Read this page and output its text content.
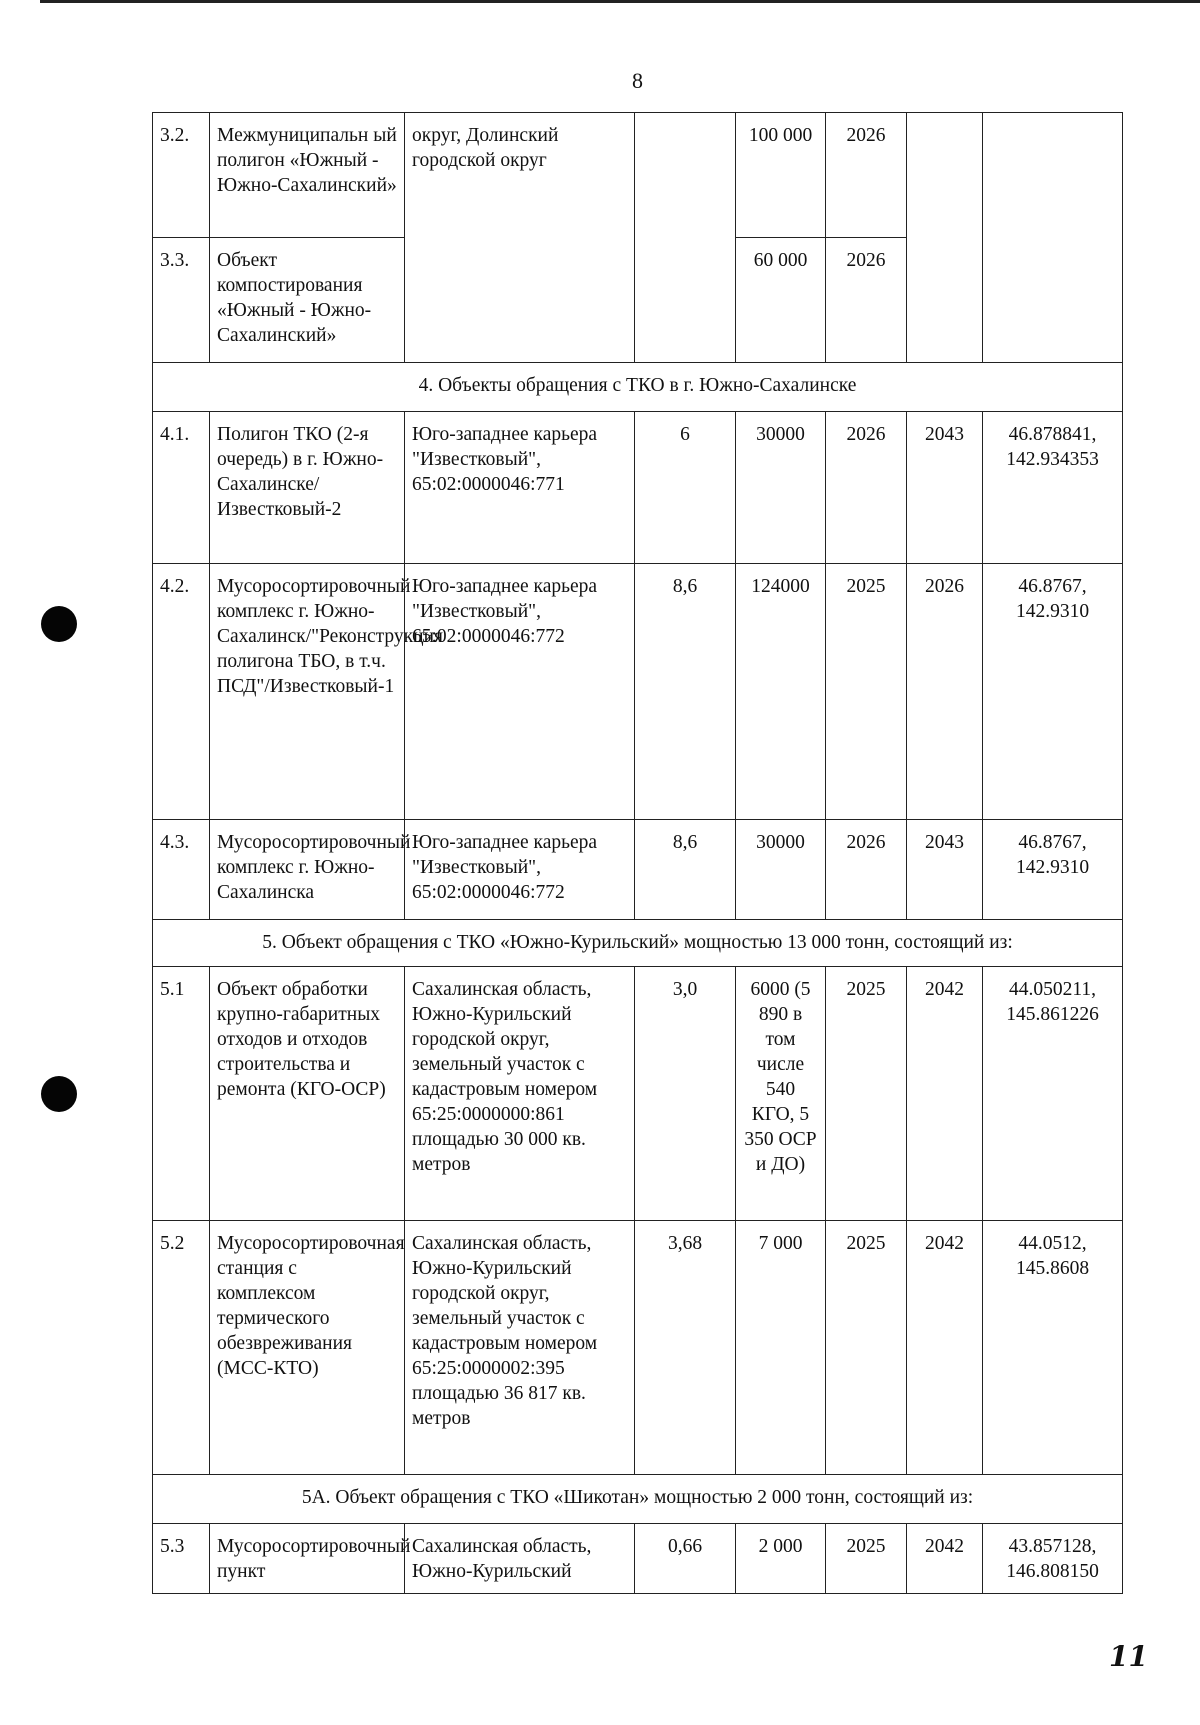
8
3.2.	Межмуниципальн ый полигон «Южный - Южно-Сахалинский»	округ, Долинский городской округ		100 000	2026		
3.3.	Объект компостирования «Южный - Южно-Сахалинский»			60 000	2026		
4. Объекты обращения с ТКО в г. Южно-Сахалинске							
4.1.	Полигон ТКО (2-я очередь) в г. Южно-Сахалинске/Известковый-2	Юго-западнее карьера "Известковый", 65:02:0000046:771	6	30000	2026	2043	46.878841, 142.934353
4.2.	Мусоросортировочный комплекс г. Южно-Сахалинск/"Реконструкция полигона ТБО, в т.ч. ПСД"/Известковый-1	Юго-западнее карьера "Известковый", 65:02:0000046:772	8,6	124000	2025	2026	46.8767, 142.9310
4.3.	Мусоросортировочный комплекс г. Южно-Сахалинска	Юго-западнее карьера "Известковый", 65:02:0000046:772	8,6	30000	2026	2043	46.8767, 142.9310
5. Объект обращения с ТКО «Южно-Курильский» мощностью 13 000 тонн, состоящий из:							
5.1	Объект обработки крупно-габаритных отходов и отходов строительства и ремонта (КГО-ОСР)	Сахалинская область, Южно-Курильский городской округ, земельный участок с кадастровым номером 65:25:0000000:861 площадью 30 000 кв. метров	3,0	6000 (5 890 в том числе 540 КГО, 5 350 ОСР и ДО)	2025	2042	44.050211, 145.861226
5.2	Мусоросортировочная станция с комплексом термического обезвреживания (МСС-КТО)	Сахалинская область, Южно-Курильский городской округ, земельный участок с кадастровым номером 65:25:0000002:395 площадью 36 817 кв. метров	3,68	7 000	2025	2042	44.0512, 145.8608
5А. Объект обращения с ТКО «Шикотан» мощностью 2 000 тонн, состоящий из:							
5.3	Мусоросортировочный пункт	Сахалинская область, Южно-Курильский	0,66	2 000	2025	2042	43.857128, 146.808150
11
